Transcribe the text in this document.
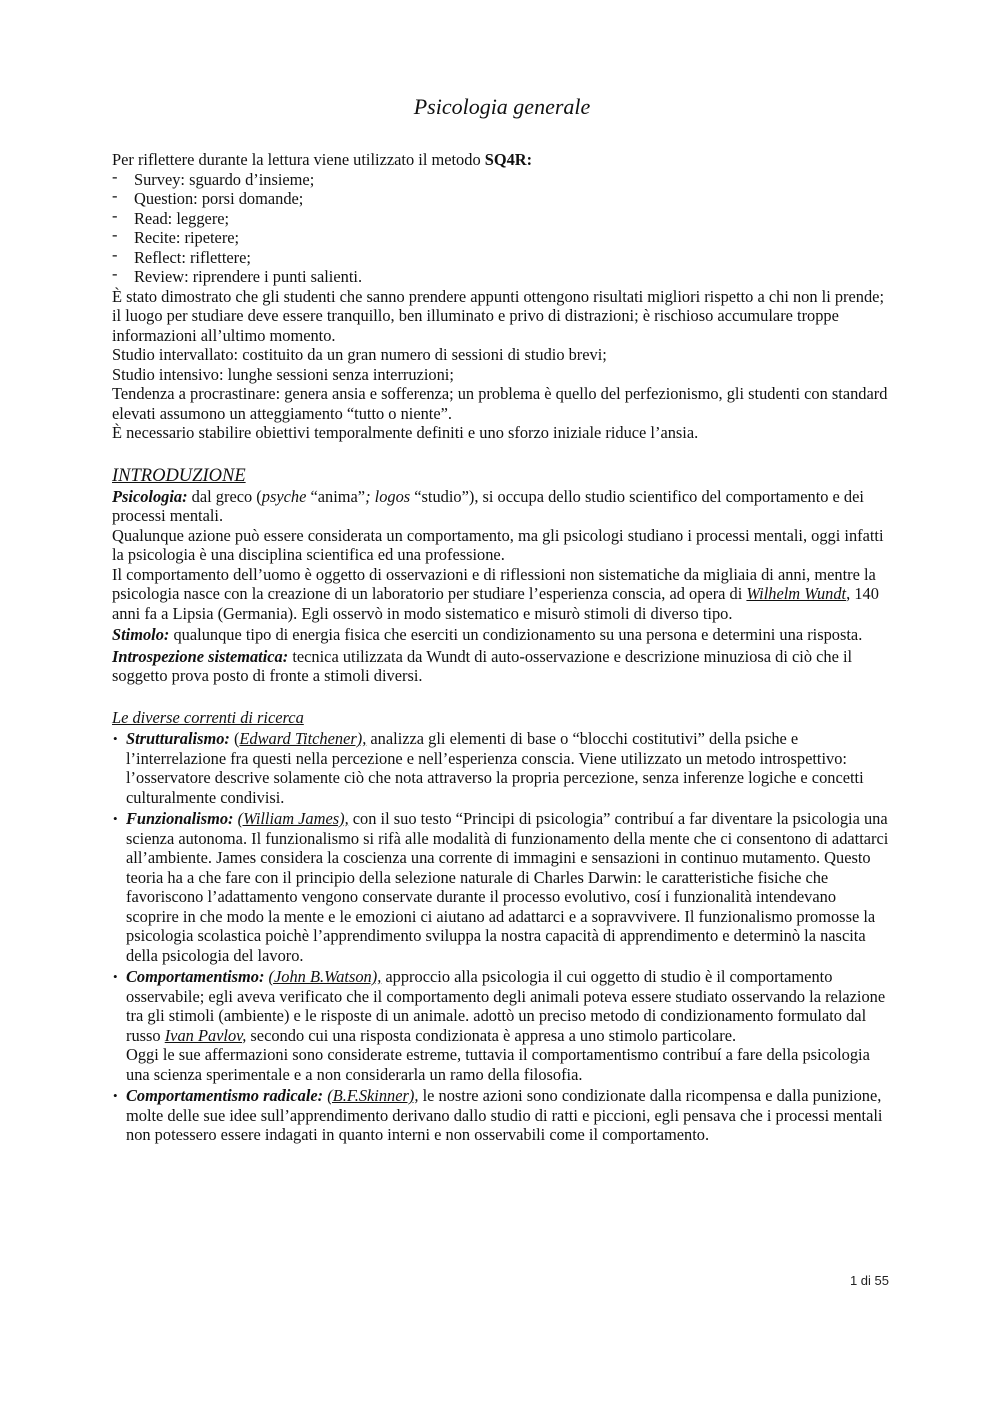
Psicologia generale

Per riflettere durante la lettura viene utilizzato il metodo SQ4R:

- Survey: sguardo d’insieme;
- Question: porsi domande;
- Read: leggere;
- Recite: ripetere;
- Reflect: riflettere;
- Review: riprendere i punti salienti.

È stato dimostrato che gli studenti che sanno prendere appunti ottengono risultati migliori rispetto a chi non li prende; il luogo per studiare deve essere tranquillo, ben illuminato e privo di distrazioni; è rischioso accumulare troppe informazioni all’ultimo momento.

Studio intervallato: costituito da un gran numero di sessioni di studio brevi;

Studio intensivo: lunghe sessioni senza interruzioni;

Tendenza a procrastinare: genera ansia e sofferenza; un problema è quello del perfezionismo, gli studenti con standard elevati assumono un atteggiamento “tutto o niente”.

È necessario stabilire obiettivi temporalmente definiti e uno sforzo iniziale riduce l’ansia.

INTRODUZIONE

Psicologia: dal greco (psyche “anima”; logos “studio”), si occupa dello studio scientifico del comportamento e dei processi mentali.

Qualunque azione può essere considerata un comportamento, ma gli psicologi studiano i processi mentali, oggi infatti la psicologia è una disciplina scientifica ed una professione.

Il comportamento dell’uomo è oggetto di osservazioni e di riflessioni non sistematiche da migliaia di anni, mentre la psicologia nasce con la creazione di un laboratorio per studiare l’esperienza conscia, ad opera di Wilhelm Wundt, 140 anni fa a Lipsia (Germania). Egli osservò in modo sistematico e misurò stimoli di diverso tipo.

Stimolo: qualunque tipo di energia fisica che eserciti un condizionamento su una persona e determini una risposta.

Introspezione sistematica: tecnica utilizzata da Wundt di auto-osservazione e descrizione minuziosa di ciò che il soggetto prova posto di fronte a stimoli diversi.

Le diverse correnti di ricerca

• Strutturalismo: (Edward Titchener), analizza gli elementi di base o “blocchi costitutivi” della psiche e l’interrelazione fra questi nella percezione e nell’esperienza conscia. Viene utilizzato un metodo introspettivo: l’osservatore descrive solamente ciò che nota attraverso la propria percezione, senza inferenze logiche e concetti culturalmente condivisi.
• Funzionalismo: (William James), con il suo testo “Principi di psicologia” contribuí a far diventare la psicologia una scienza autonoma. Il funzionalismo si rifà alle modalità di funzionamento della mente che ci consentono di adattarci all’ambiente. James considera la coscienza una corrente di immagini e sensazioni in continuo mutamento. Questo teoria ha a che fare con il principio della selezione naturale di Charles Darwin: le caratteristiche fisiche che favoriscono l’adattamento vengono conservate durante il processo evolutivo, cosí i funzionalità intendevano scoprire in che modo la mente e le emozioni ci aiutano ad adattarci e a sopravvivere. Il funzionalismo promosse la psicologia scolastica poichè l’apprendimento sviluppa la nostra capacità di apprendimento e determinò la nascita della psicologia del lavoro.
• Comportamentismo: (John B.Watson), approccio alla psicologia il cui oggetto di studio è il comportamento osservabile; egli aveva verificato che il comportamento degli animali poteva essere studiato osservando la relazione tra gli stimoli (ambiente) e le risposte di un animale. adottò un preciso metodo di condizionamento formulato dal russo Ivan Pavlov, secondo cui una risposta condizionata è appresa a uno stimolo particolare.
Oggi le sue affermazioni sono considerate estreme, tuttavia il comportamentismo contribuí a fare della psicologia una scienza sperimentale e a non considerarla un ramo della filosofia.
• Comportamentismo radicale: (B.F.Skinner), le nostre azioni sono condizionate dalla ricompensa e dalla punizione, molte delle sue idee sull’apprendimento derivano dallo studio di ratti e piccioni, egli pensava che i processi mentali non potessero essere indagati in quanto interni e non osservabili come il comportamento.
1 di 55
